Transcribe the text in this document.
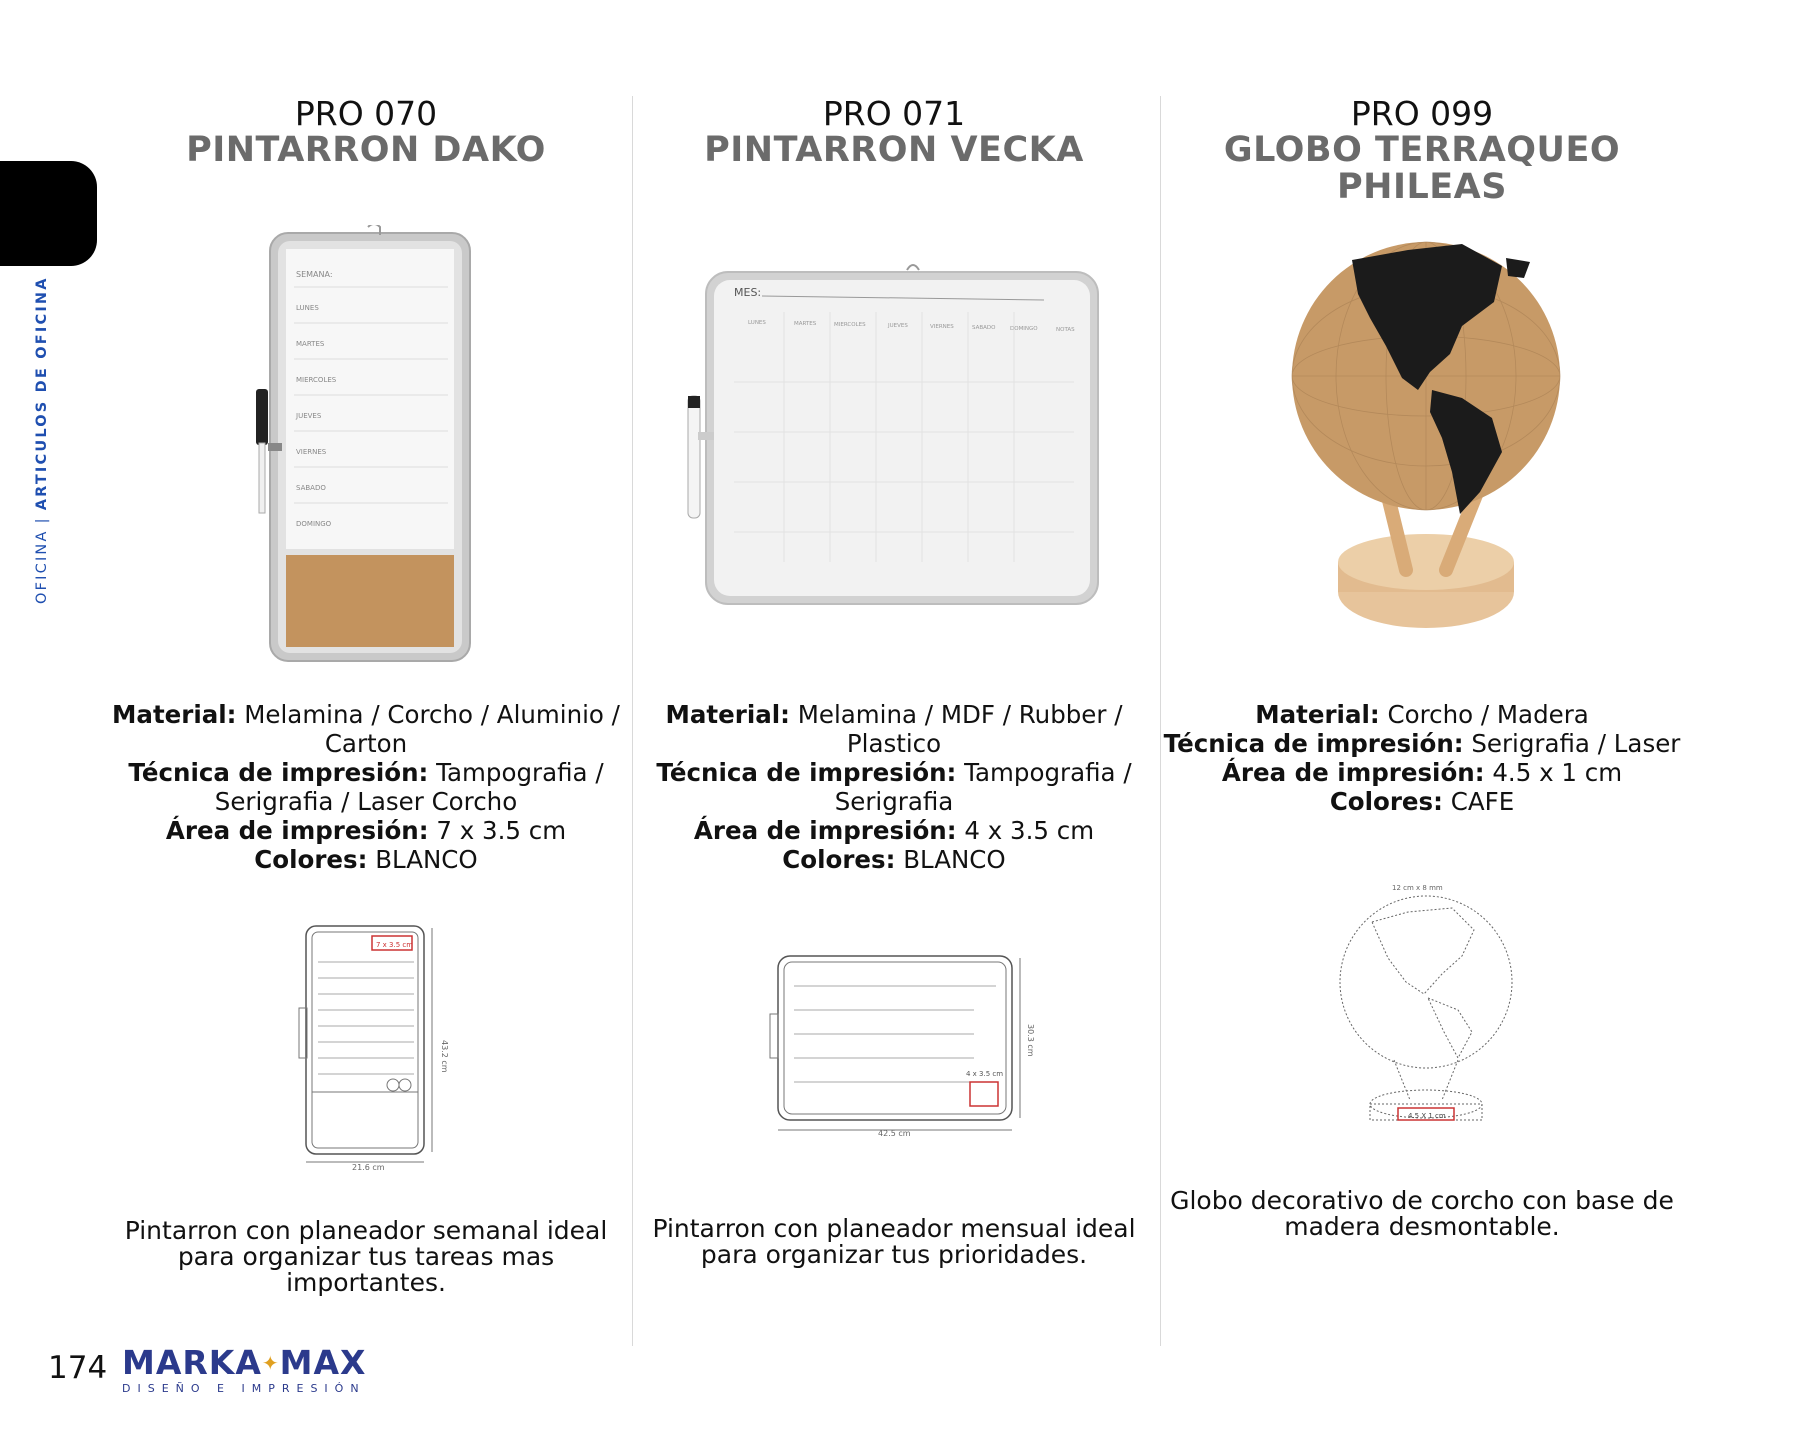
OFICINA|ARTICULOS DE OFICINA
PRO 070
PINTARRON DAKO
SEMANA:
LUNES
MARTES
MIERCOLES
JUEVES
VIERNES
SABADO
DOMINGO

Material: Melamina / Corcho / Aluminio / Carton

Técnica de impresión: Tampografia / Serigrafia / Laser Corcho

Área de impresión: 7 x 3.5 cm

Colores: BLANCO

7 x 3.5 cm
43.2 cm
21.6 cm
Pintarron con planeador semanal ideal para organizar tus tareas mas importantes.
PRO 071
PINTARRON VECKA
MES:
LUNES	MARTES	MIERCOLES	JUEVES	VIERNES	SABADO	DOMINGO	NOTAS

Material: Melamina / MDF / Rubber / Plastico

Técnica de impresión: Tampografia / Serigrafia

Área de impresión: 4 x 3.5 cm

Colores: BLANCO

4 x 3.5 cm
30.3 cm
42.5 cm
Pintarron con planeador mensual ideal para organizar tus prioridades.
PRO 099
GLOBO TERRAQUEO PHILEAS

Material: Corcho / Madera

Técnica de impresión: Serigrafia / Laser

Área de impresión: 4.5 x 1 cm

Colores: CAFE

12 cm x 8 mm
4.5 X 1 cm
Globo decorativo de corcho con base de madera desmontable.
174 MARKA✦MAX
DISEÑO E IMPRESIÓN
